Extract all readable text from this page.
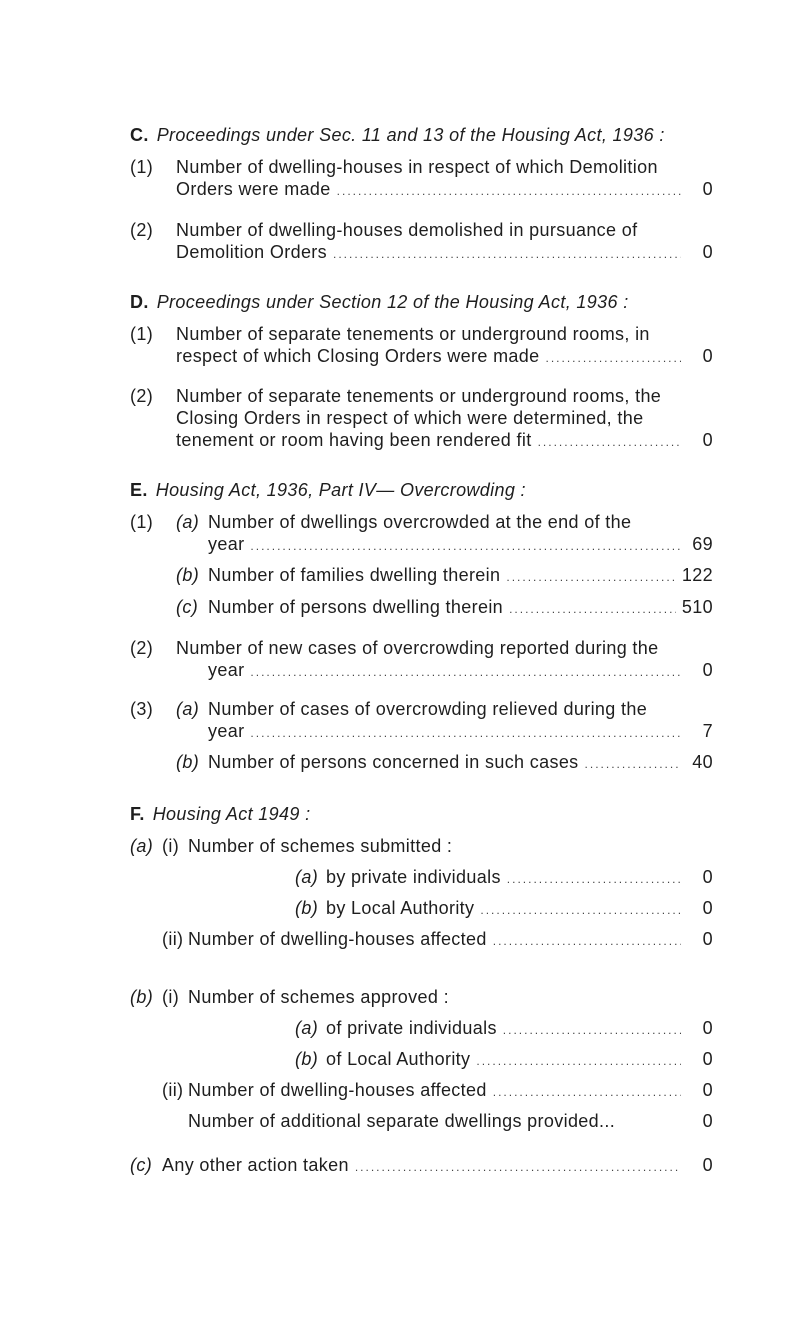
C. Proceedings under Sec. 11 and 13 of the Housing Act, 1936 :
(1) Number of dwelling-houses in respect of which Demolition
Orders were made .....	0
(2) Number of dwelling-houses demolished in pursuance of
Demolition Orders .....	0
D. Proceedings under Section 12 of the Housing Act, 1936 :
(1) Number of separate tenements or underground rooms, in
respect of which Closing Orders were made .....	0
(2) Number of separate tenements or underground rooms, the
Closing Orders in respect of which were determined, the
tenement or room having been rendered fit .....	0
E. Housing Act, 1936, Part IV— Overcrowding :
(1) (a) Number of dwellings overcrowded at the end of the
year .....	69
(b) Number of families dwelling therein .....	122
(c) Number of persons dwelling therein .....	510
(2) Number of new cases of overcrowding reported during the
year .....	0
(3) (a) Number of cases of overcrowding relieved during the
year .....	7
(b) Number of persons concerned in such cases .....	40
F. Housing Act 1949 :
(a) (i) Number of schemes submitted :
(a) by private individuals .....	0
(b) by Local Authority .....	0
(ii) Number of dwelling-houses affected .....	0
(b) (i) Number of schemes approved :
(a) of private individuals .....	0
(b) of Local Authority .....	0
(ii) Number of dwelling-houses affected .....	0
Number of additional separate dwellings provided...	0
(c) Any other action taken .....	0
